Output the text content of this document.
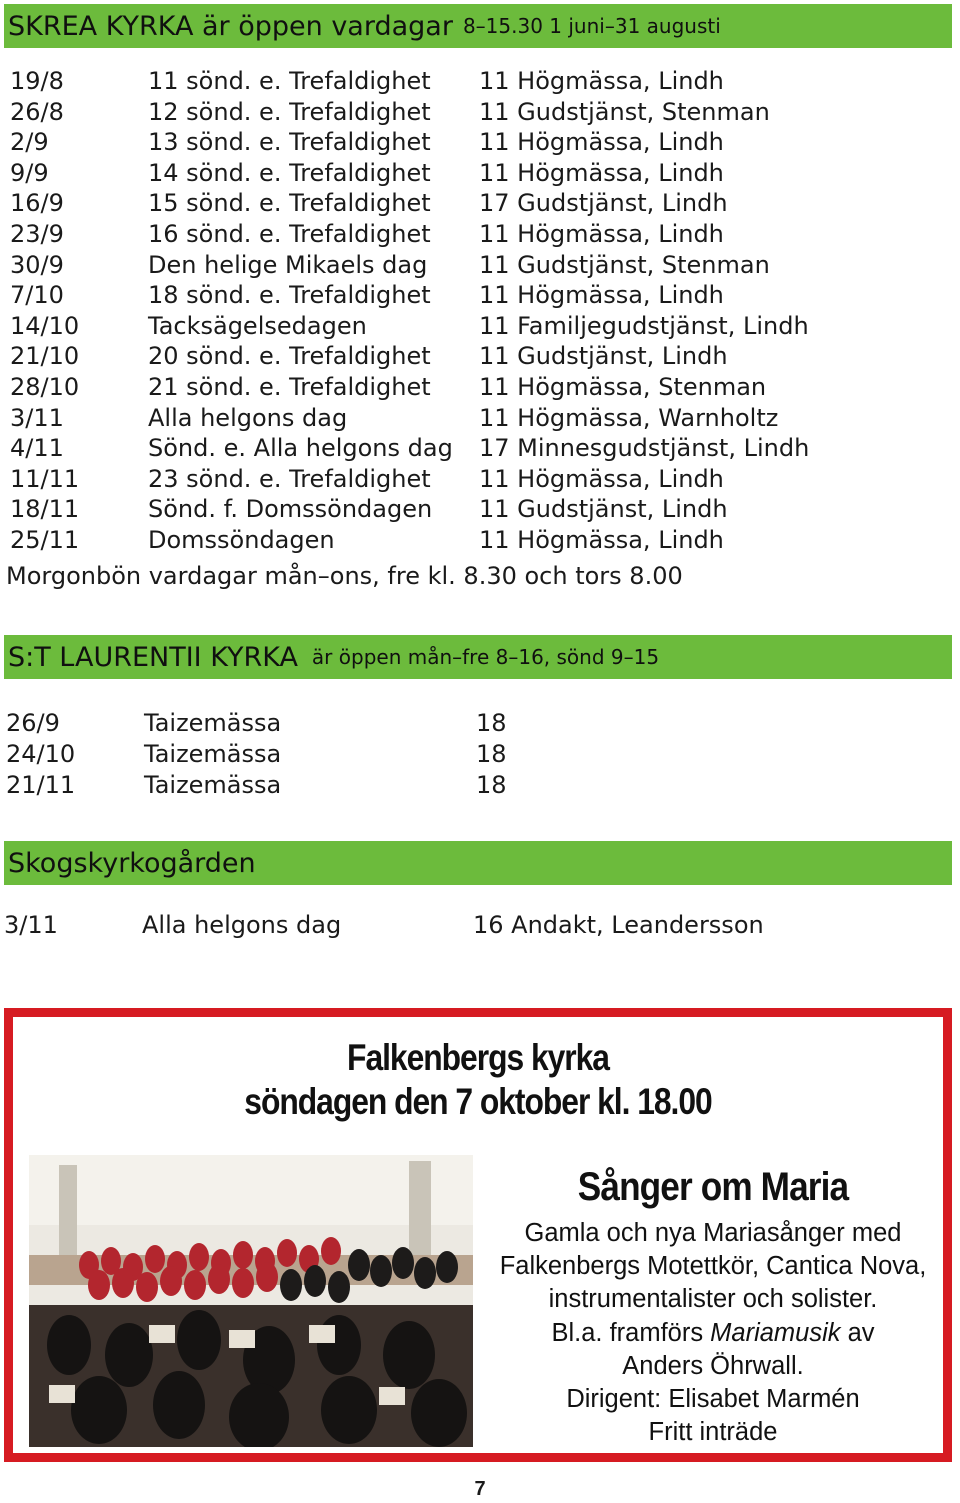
SKREA KYRKA är öppen vardagar 8–15.30 1 juni–31 augusti
19/8	11 sönd. e. Trefaldighet	11 Högmässa, Lindh
26/8	12 sönd. e. Trefaldighet	11 Gudstjänst, Stenman
2/9	13 sönd. e. Trefaldighet	11 Högmässa, Lindh
9/9	14 sönd. e. Trefaldighet	11 Högmässa, Lindh
16/9	15 sönd. e. Trefaldighet	17 Gudstjänst, Lindh
23/9	16 sönd. e. Trefaldighet	11 Högmässa, Lindh
30/9	Den helige Mikaels dag	11 Gudstjänst, Stenman
7/10	18 sönd. e. Trefaldighet	11 Högmässa, Lindh
14/10	Tacksägelsedagen	11 Familjegudstjänst, Lindh
21/10	20 sönd. e. Trefaldighet	11 Gudstjänst, Lindh
28/10	21 sönd. e. Trefaldighet	11 Högmässa, Stenman
3/11	Alla helgons dag	11 Högmässa, Warnholtz
4/11	Sönd. e. Alla helgons dag	17 Minnesgudstjänst, Lindh
11/11	23 sönd. e. Trefaldighet	11 Högmässa, Lindh
18/11	Sönd. f. Domssöndagen	11 Gudstjänst, Lindh
25/11	Domssöndagen	11 Högmässa, Lindh
Morgonbön vardagar mån–ons, fre kl. 8.30 och tors 8.00
S:T LAURENTII KYRKA är öppen mån–fre 8–16, sönd 9–15
26/9	Taizemässa	18
24/10	Taizemässa	18
21/11	Taizemässa	18
Skogskyrkogården
3/11	Alla helgons dag	16 Andakt, Leandersson
Falkenbergs kyrka
söndagen den 7 oktober kl. 18.00
Sånger om Maria
Gamla och nya Mariasånger med
Falkenbergs Motettkör, Cantica Nova,
instrumentalister och solister.
Bl.a. framförs Mariamusik av
Anders Öhrwall.
Dirigent: Elisabet Marmén
Fritt inträde
7
